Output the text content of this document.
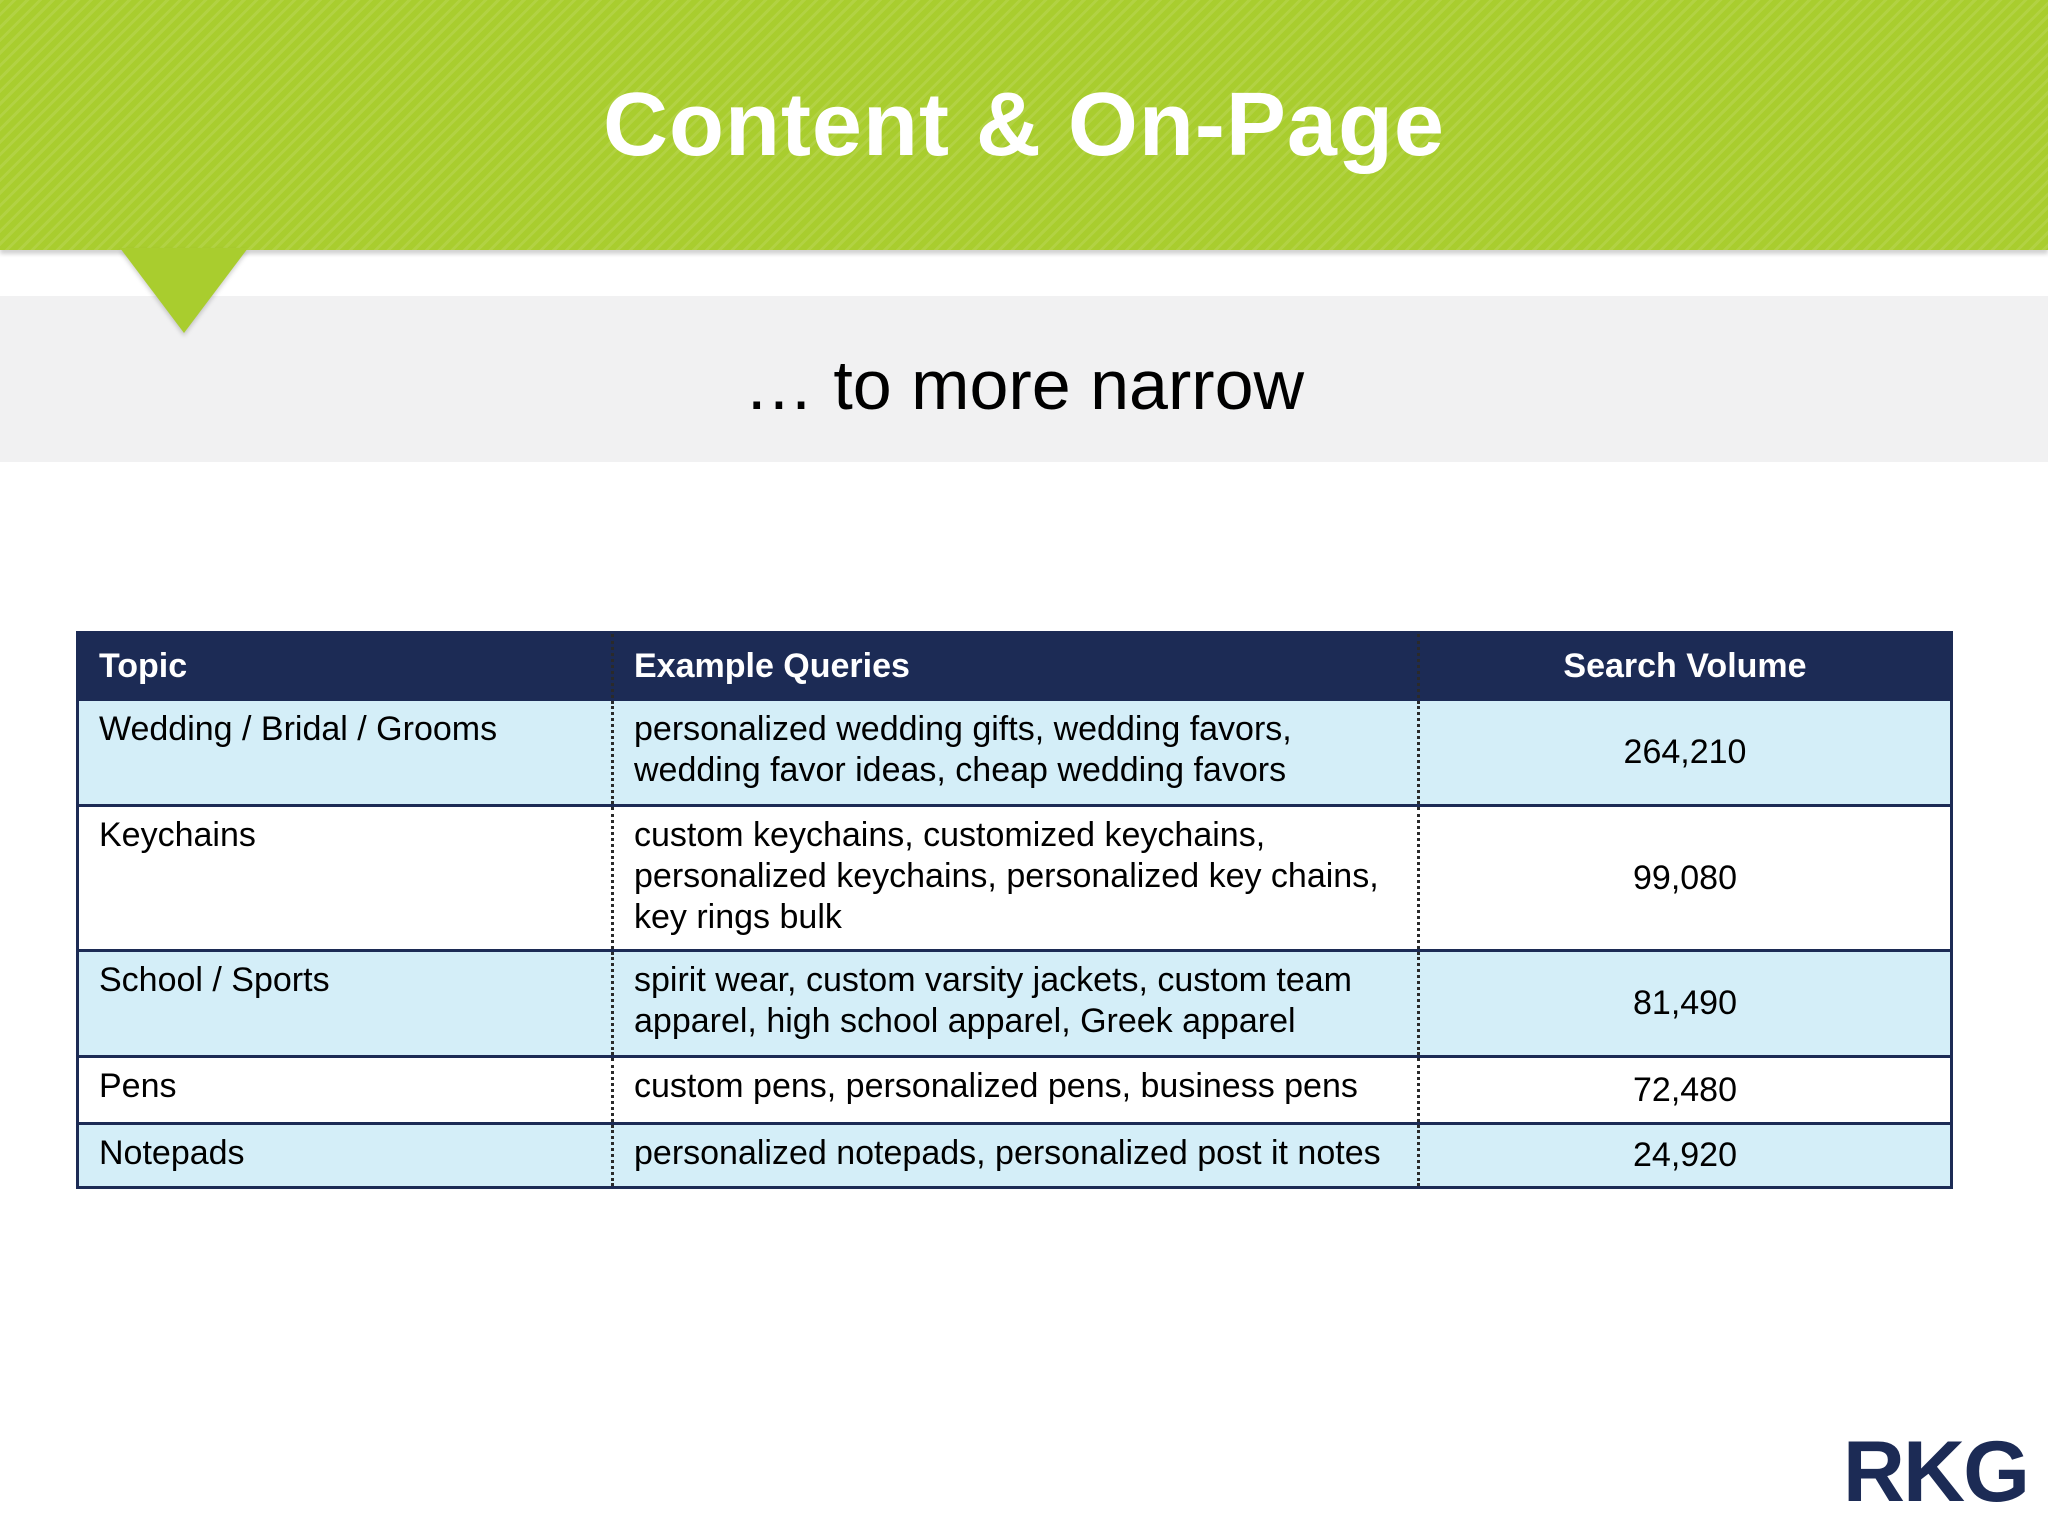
Content & On-Page
… to more narrow
Topic	Example Queries	Search Volume
Wedding / Bridal / Grooms	personalized wedding gifts, wedding favors, wedding favor ideas, cheap wedding favors	264,210
Keychains	custom keychains, customized keychains, personalized keychains, personalized key chains, key rings bulk	99,080
School / Sports	spirit wear, custom varsity jackets, custom team apparel, high school apparel, Greek apparel	81,490
Pens	custom pens, personalized pens, business pens	72,480
Notepads	personalized notepads, personalized post it notes	24,920
RKG
